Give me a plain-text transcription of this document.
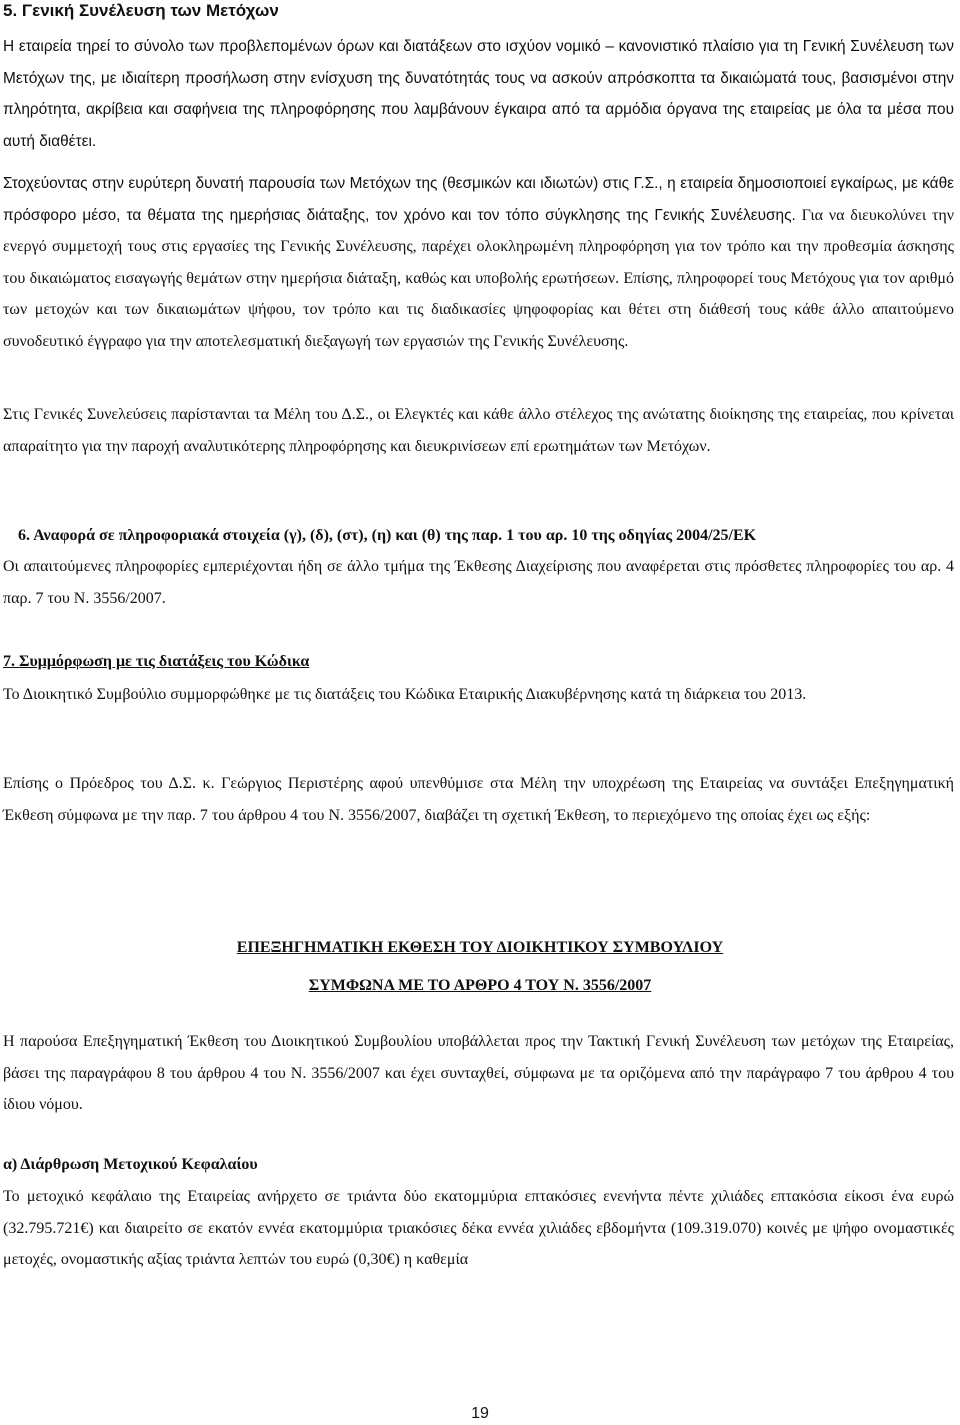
5. Γενική Συνέλευση των Μετόχων

Η εταιρεία τηρεί το σύνολο των προβλεπομένων όρων και διατάξεων στο ισχύον νομικό – κανονιστικό πλαίσιο για τη Γενική Συνέλευση των Μετόχων της, με ιδιαίτερη προσήλωση στην ενίσχυση της δυνατότητάς τους να ασκούν απρόσκοπτα τα δικαιώματά τους, βασισμένοι στην πληρότητα, ακρίβεια και σαφήνεια της πληροφόρησης που λαμβάνουν έγκαιρα από τα αρμόδια όργανα της εταιρείας με όλα τα μέσα που αυτή διαθέτει.

Στοχεύοντας στην ευρύτερη δυνατή παρουσία των Μετόχων της (θεσμικών και ιδιωτών) στις Γ.Σ., η εταιρεία δημοσιοποιεί εγκαίρως, με κάθε πρόσφορο μέσο, τα θέματα της ημερήσιας διάταξης, τον χρόνο και τον τόπο σύγκλησης της Γενικής Συνέλευσης. Για να διευκολύνει την ενεργό συμμετοχή τους στις εργασίες της Γενικής Συνέλευσης, παρέχει ολοκληρωμένη πληροφόρηση για τον τρόπο και την προθεσμία άσκησης του δικαιώματος εισαγωγής θεμάτων στην ημερήσια διάταξη, καθώς και υποβολής ερωτήσεων. Επίσης, πληροφορεί τους Μετόχους για τον αριθμό των μετοχών και των δικαιωμάτων ψήφου, τον τρόπο και τις διαδικασίες ψηφοφορίας και θέτει στη διάθεσή τους κάθε άλλο απαιτούμενο συνοδευτικό έγγραφο για την αποτελεσματική διεξαγωγή των εργασιών της Γενικής Συνέλευσης.

Στις Γενικές Συνελεύσεις παρίστανται τα Μέλη του Δ.Σ., οι Ελεγκτές και κάθε άλλο στέλεχος της ανώτατης διοίκησης της εταιρείας, που κρίνεται απαραίτητο για την παροχή αναλυτικότερης πληροφόρησης και διευκρινίσεων επί ερωτημάτων των Μετόχων.

6. Αναφορά σε πληροφοριακά στοιχεία (γ), (δ), (στ), (η) και (θ) της παρ. 1 του αρ. 10 της οδηγίας 2004/25/ΕΚ

Οι απαιτούμενες πληροφορίες εμπεριέχονται ήδη σε άλλο τμήμα της Έκθεσης Διαχείρισης που αναφέρεται στις πρόσθετες πληροφορίες του αρ. 4 παρ. 7 του Ν. 3556/2007.

7. Συμμόρφωση με τις διατάξεις του Κώδικα

Το Διοικητικό Συμβούλιο συμμορφώθηκε με τις διατάξεις του Κώδικα Εταιρικής Διακυβέρνησης κατά τη διάρκεια του 2013.

Επίσης ο Πρόεδρος του Δ.Σ. κ. Γεώργιος Περιστέρης αφού υπενθύμισε στα Μέλη την υποχρέωση της Εταιρείας να συντάξει Επεξηγηματική Έκθεση σύμφωνα με την παρ. 7 του άρθρου 4 του Ν. 3556/2007, διαβάζει τη σχετική Έκθεση, το περιεχόμενο της οποίας έχει ως εξής:

ΕΠΕΞΗΓΗΜΑΤΙΚΗ ΕΚΘΕΣΗ ΤΟΥ ΔΙΟΙΚΗΤΙΚΟΥ ΣΥΜΒΟΥΛΙΟΥ
ΣΥΜΦΩΝΑ ΜΕ ΤΟ ΑΡΘΡΟ 4 ΤΟΥ Ν. 3556/2007

Η παρούσα Επεξηγηματική Έκθεση του Διοικητικού Συμβουλίου υποβάλλεται προς την Τακτική Γενική Συνέλευση των μετόχων της Εταιρείας, βάσει της παραγράφου 8 του άρθρου 4 του Ν. 3556/2007 και έχει συνταχθεί, σύμφωνα με τα οριζόμενα από την παράγραφο 7 του άρθρου 4 του ίδιου νόμου.

α) Διάρθρωση Μετοχικού Κεφαλαίου

Το μετοχικό κεφάλαιο της Εταιρείας ανήρχετο σε τριάντα δύο εκατομμύρια επτακόσιες ενενήντα πέντε χιλιάδες επτακόσια είκοσι ένα ευρώ (32.795.721€) και διαιρείτο σε εκατόν εννέα εκατομμύρια τριακόσιες δέκα εννέα χιλιάδες εβδομήντα (109.319.070) κοινές με ψήφο ονομαστικές μετοχές, ονομαστικής αξίας τριάντα λεπτών του ευρώ (0,30€) η καθεμία

19
